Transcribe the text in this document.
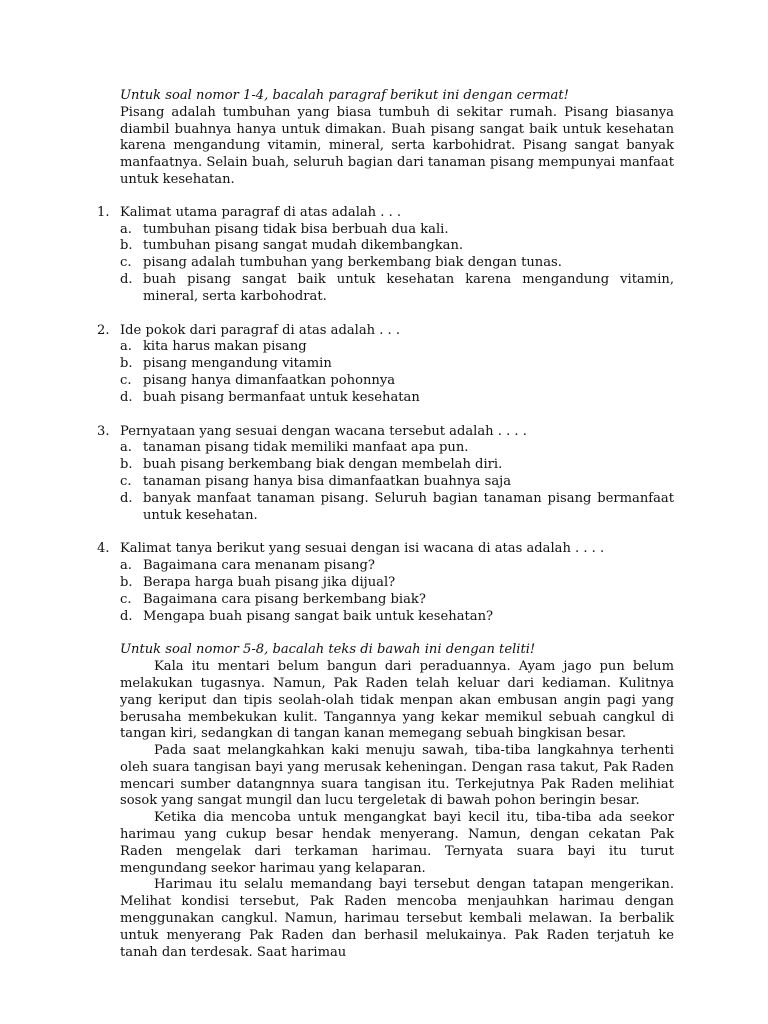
Untuk soal nomor 1-4, bacalah paragraf berikut ini dengan cermat!

Pisang adalah tumbuhan yang biasa tumbuh di sekitar rumah. Pisang biasanya diambil buahnya hanya untuk dimakan. Buah pisang sangat baik untuk kesehatan karena mengandung vitamin, mineral, serta karbohidrat. Pisang sangat banyak manfaatnya. Selain buah, seluruh bagian dari tanaman pisang mempunyai manfaat untuk kesehatan.

1. Kalimat utama paragraf di atas adalah . . .

a. tumbuhan pisang tidak bisa berbuah dua kali.
b. tumbuhan pisang sangat mudah dikembangkan.
c. pisang adalah tumbuhan yang berkembang biak dengan tunas.
d. buah pisang sangat baik untuk kesehatan karena mengandung vitamin, mineral, serta karbohodrat.
2. Ide pokok dari paragraf di atas adalah . . .

a. kita harus makan pisang
b. pisang mengandung vitamin
c. pisang hanya dimanfaatkan pohonnya
d. buah pisang bermanfaat untuk kesehatan
3. Pernyataan yang sesuai dengan wacana tersebut adalah . . . .

a. tanaman pisang tidak memiliki manfaat apa pun.
b. buah pisang berkembang biak dengan membelah diri.
c. tanaman pisang hanya bisa dimanfaatkan buahnya saja
d. banyak manfaat tanaman pisang. Seluruh bagian tanaman pisang bermanfaat untuk kesehatan.
4. Kalimat tanya berikut yang sesuai dengan isi wacana di atas adalah . . . .

a. Bagaimana cara menanam pisang?
b. Berapa harga buah pisang jika dijual?
c. Bagaimana cara pisang berkembang biak?
d. Mengapa buah pisang sangat baik untuk kesehatan?

Untuk soal nomor 5-8, bacalah teks di bawah ini dengan teliti!

Kala itu mentari belum bangun dari peraduannya. Ayam jago pun belum melakukan tugasnya. Namun, Pak Raden telah keluar dari kediaman. Kulitnya yang keriput dan tipis seolah-olah tidak menpan akan embusan angin pagi yang berusaha membekukan kulit. Tangannya yang kekar memikul sebuah cangkul di tangan kiri, sedangkan di tangan kanan memegang sebuah bingkisan besar.

Pada saat melangkahkan kaki menuju sawah, tiba-tiba langkahnya terhenti oleh suara tangisan bayi yang merusak keheningan. Dengan rasa takut, Pak Raden mencari sumber datangnnya suara tangisan itu. Terkejutnya Pak Raden melihiat sosok yang sangat mungil dan lucu tergeletak di bawah pohon beringin besar.

Ketika dia mencoba untuk mengangkat bayi kecil itu, tiba-tiba ada seekor harimau yang cukup besar hendak menyerang. Namun, dengan cekatan Pak Raden mengelak dari terkaman harimau. Ternyata suara bayi itu turut mengundang seekor harimau yang kelaparan.

Harimau itu selalu memandang bayi tersebut dengan tatapan mengerikan. Melihat kondisi tersebut, Pak Raden mencoba menjauhkan harimau dengan menggunakan cangkul. Namun, harimau tersebut kembali melawan. Ia berbalik untuk menyerang Pak Raden dan berhasil melukainya. Pak Raden terjatuh ke tanah dan terdesak. Saat harimau
